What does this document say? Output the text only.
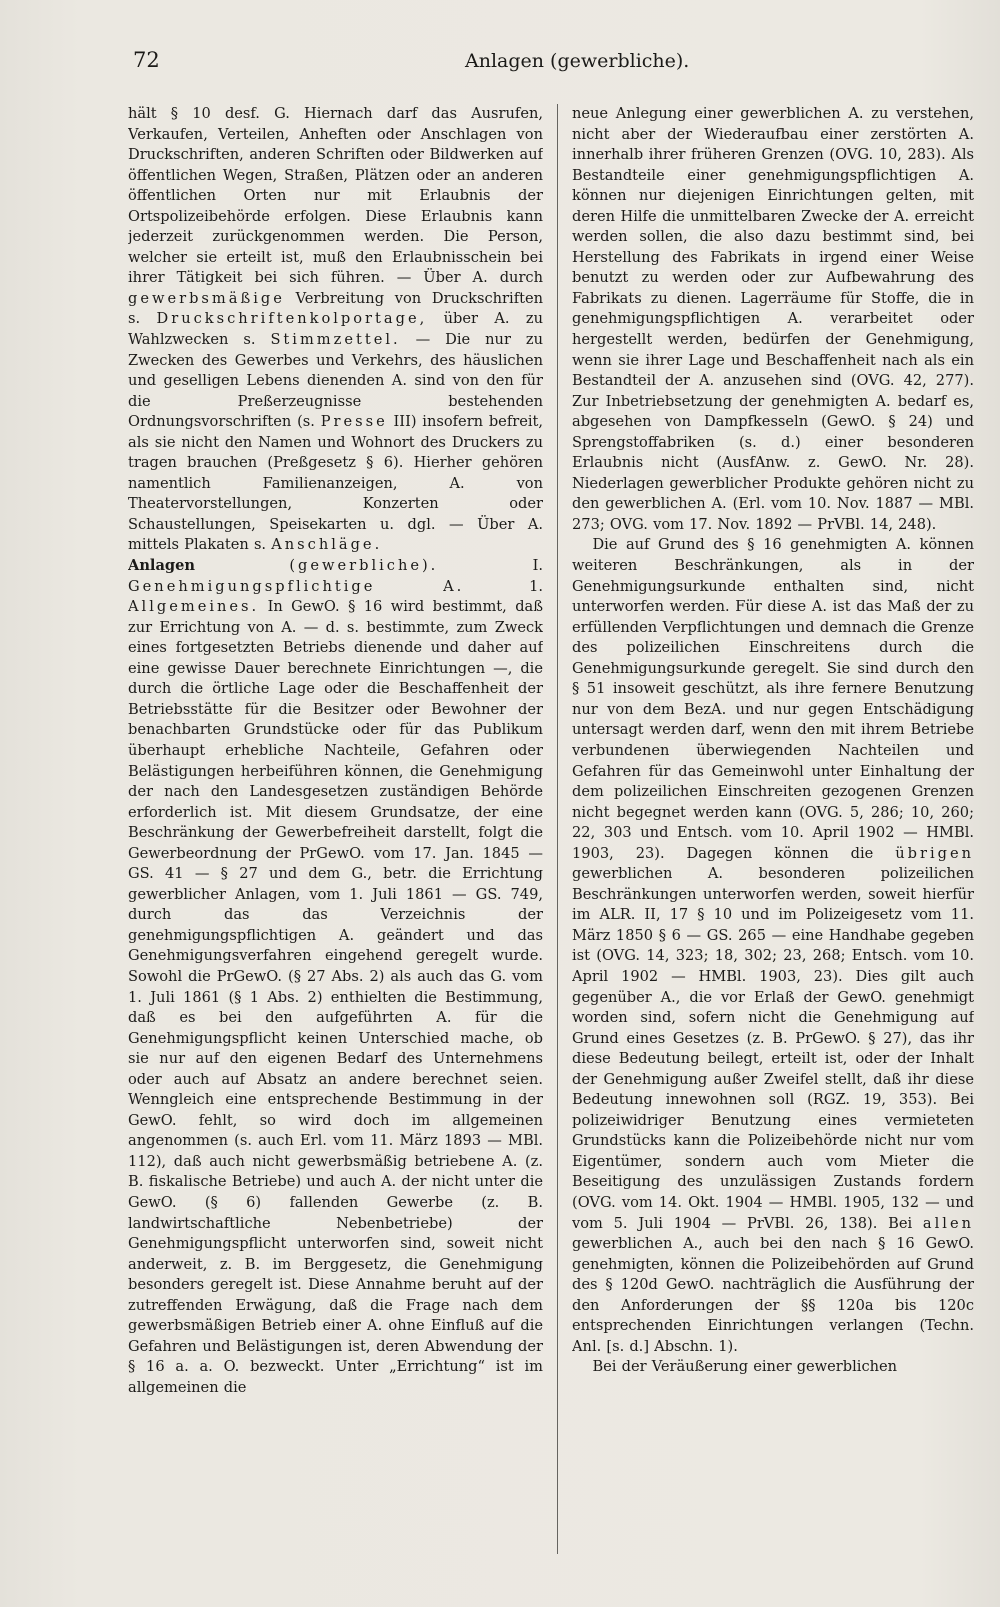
72	Anlagen (gewerbliche).

hält § 10 desf. G. Hiernach darf das Ausrufen, Verkaufen, Verteilen, Anheften oder Anschlagen von Druckschriften, anderen Schriften oder Bildwerken auf öffentlichen Wegen, Straßen, Plätzen oder an anderen öffentlichen Orten nur mit Erlaubnis der Ortspolizeibehörde erfolgen. Diese Erlaubnis kann jederzeit zurückgenommen werden. Die Person, welcher sie erteilt ist, muß den Erlaubnisschein bei ihrer Tätigkeit bei sich führen. — Über A. durch gewerbsmäßige Verbreitung von Druckschriften s. Druckschriftenkolportage, über A. zu Wahlzwecken s. Stimmzettel. — Die nur zu Zwecken des Gewerbes und Verkehrs, des häuslichen und geselligen Lebens dienenden A. sind von den für die Preßerzeugnisse bestehenden Ordnungsvorschriften (s. Presse III) insofern befreit, als sie nicht den Namen und Wohnort des Druckers zu tragen brauchen (Preßgesetz § 6). Hierher gehören namentlich Familienanzeigen, A. von Theatervorstellungen, Konzerten oder Schaustellungen, Speisekarten u. dgl. — Über A. mittels Plakaten s. Anschläge.

Anlagen	(gewerbliche).	I. Genehmigungspflichtige A.	1. Allgemeines. In GewO. § 16 wird bestimmt, daß zur Errichtung von A. — d. s. bestimmte, zum Zweck eines fortgesetzten Betriebs dienende und daher auf eine gewisse Dauer berechnete Einrichtungen —, die durch die örtliche Lage oder die Beschaffenheit der Betriebsstätte für die Besitzer oder Bewohner der benachbarten Grundstücke oder für das Publikum überhaupt erhebliche Nachteile, Gefahren oder Belästigungen herbeiführen können, die Genehmigung der nach den Landesgesetzen zuständigen Behörde erforderlich ist. Mit diesem Grundsatze, der eine Beschränkung der Gewerbefreiheit darstellt, folgt die Gewerbeordnung der PrGewO. vom 17. Jan. 1845 — GS. 41 — § 27 und dem G., betr. die Errichtung gewerblicher Anlagen, vom 1. Juli 1861 — GS. 749, durch das das Verzeichnis der genehmigungspflichtigen A. geändert und das Genehmigungsverfahren eingehend geregelt wurde. Sowohl die PrGewO. (§ 27 Abs. 2) als auch das G. vom 1. Juli 1861 (§ 1 Abs. 2) enthielten die Bestimmung, daß es bei den aufgeführten A. für die Genehmigungspflicht keinen Unterschied mache, ob sie nur auf den eigenen Bedarf des Unternehmens oder auch auf Absatz an andere berechnet seien. Wenngleich eine entsprechende Bestimmung in der GewO. fehlt, so wird doch im allgemeinen angenommen (s. auch Erl. vom 11. März 1893 — MBl. 112), daß auch nicht gewerbsmäßig betriebene A. (z. B. fiskalische Betriebe) und auch A. der nicht unter die GewO. (§ 6) fallenden Gewerbe (z. B. landwirtschaftliche Nebenbetriebe) der Genehmigungspflicht unterworfen sind, soweit nicht anderweit, z. B. im Berggesetz, die Genehmigung besonders geregelt ist. Diese Annahme beruht auf der zutreffenden Erwägung, daß die Frage nach dem gewerbsmäßigen Betrieb einer A. ohne Einfluß auf die Gefahren und Belästigungen ist, deren Abwendung der § 16 a. a. O. bezweckt. Unter „Errichtung“ ist im allgemeinen die

neue Anlegung einer gewerblichen A. zu verstehen, nicht aber der Wiederaufbau einer zerstörten A. innerhalb ihrer früheren Grenzen (OVG. 10, 283). Als Bestandteile einer genehmigungspflichtigen A. können nur diejenigen Einrichtungen gelten, mit deren Hilfe die unmittelbaren Zwecke der A. erreicht werden sollen, die also dazu bestimmt sind, bei Herstellung des Fabrikats in irgend einer Weise benutzt zu werden oder zur Aufbewahrung des Fabrikats zu dienen. Lagerräume für Stoffe, die in genehmigungspflichtigen A. verarbeitet oder hergestellt werden, bedürfen der Genehmigung, wenn sie ihrer Lage und Beschaffenheit nach als ein Bestandteil der A. anzusehen sind (OVG. 42, 277). Zur Inbetriebsetzung der genehmigten A. bedarf es, abgesehen von Dampfkesseln (GewO. § 24) und Sprengstoffabriken (s. d.) einer besonderen Erlaubnis nicht (AusfAnw. z. GewO. Nr. 28). Niederlagen gewerblicher Produkte gehören nicht zu den gewerblichen A. (Erl. vom 10. Nov. 1887 — MBl. 273; OVG. vom 17. Nov. 1892 — PrVBl. 14, 248).

Die auf Grund des § 16 genehmigten A. können weiteren Beschränkungen, als in der Genehmigungsurkunde enthalten sind, nicht unterworfen werden. Für diese A. ist das Maß der zu erfüllenden Verpflichtungen und demnach die Grenze des polizeilichen Einschreitens durch die Genehmigungsurkunde geregelt. Sie sind durch den § 51 insoweit geschützt, als ihre fernere Benutzung nur von dem BezA. und nur gegen Entschädigung untersagt werden darf, wenn den mit ihrem Betriebe verbundenen überwiegenden Nachteilen und Gefahren für das Gemeinwohl unter Einhaltung der dem polizeilichen Einschreiten gezogenen Grenzen nicht begegnet werden kann (OVG. 5, 286; 10, 260; 22, 303 und Entsch. vom 10. April 1902 — HMBl. 1903, 23). Dagegen können die übrigen gewerblichen A. besonderen polizeilichen Beschränkungen unterworfen werden, soweit hierfür im ALR. II, 17 § 10 und im Polizeigesetz vom 11. März 1850 § 6 — GS. 265 — eine Handhabe gegeben ist (OVG. 14, 323; 18, 302; 23, 268; Entsch. vom 10. April 1902 — HMBl. 1903, 23). Dies gilt auch gegenüber A., die vor Erlaß der GewO. genehmigt worden sind, sofern nicht die Genehmigung auf Grund eines Gesetzes (z. B. PrGewO. § 27), das ihr diese Bedeutung beilegt, erteilt ist, oder der Inhalt der Genehmigung außer Zweifel stellt, daß ihr diese Bedeutung innewohnen soll (RGZ. 19, 353). Bei polizeiwidriger Benutzung eines vermieteten Grundstücks kann die Polizeibehörde nicht nur vom Eigentümer, sondern auch vom Mieter die Beseitigung des unzulässigen Zustands fordern (OVG. vom 14. Okt. 1904 — HMBl. 1905, 132 — und vom 5. Juli 1904 — PrVBl. 26, 138). Bei allen gewerblichen A., auch bei den nach § 16 GewO. genehmigten, können die Polizeibehörden auf Grund des § 120d GewO. nachträglich die Ausführung der den Anforderungen der §§ 120a bis 120c entsprechenden Einrichtungen verlangen (Techn. Anl. [s. d.] Abschn. 1).

Bei der Veräußerung einer gewerblichen
